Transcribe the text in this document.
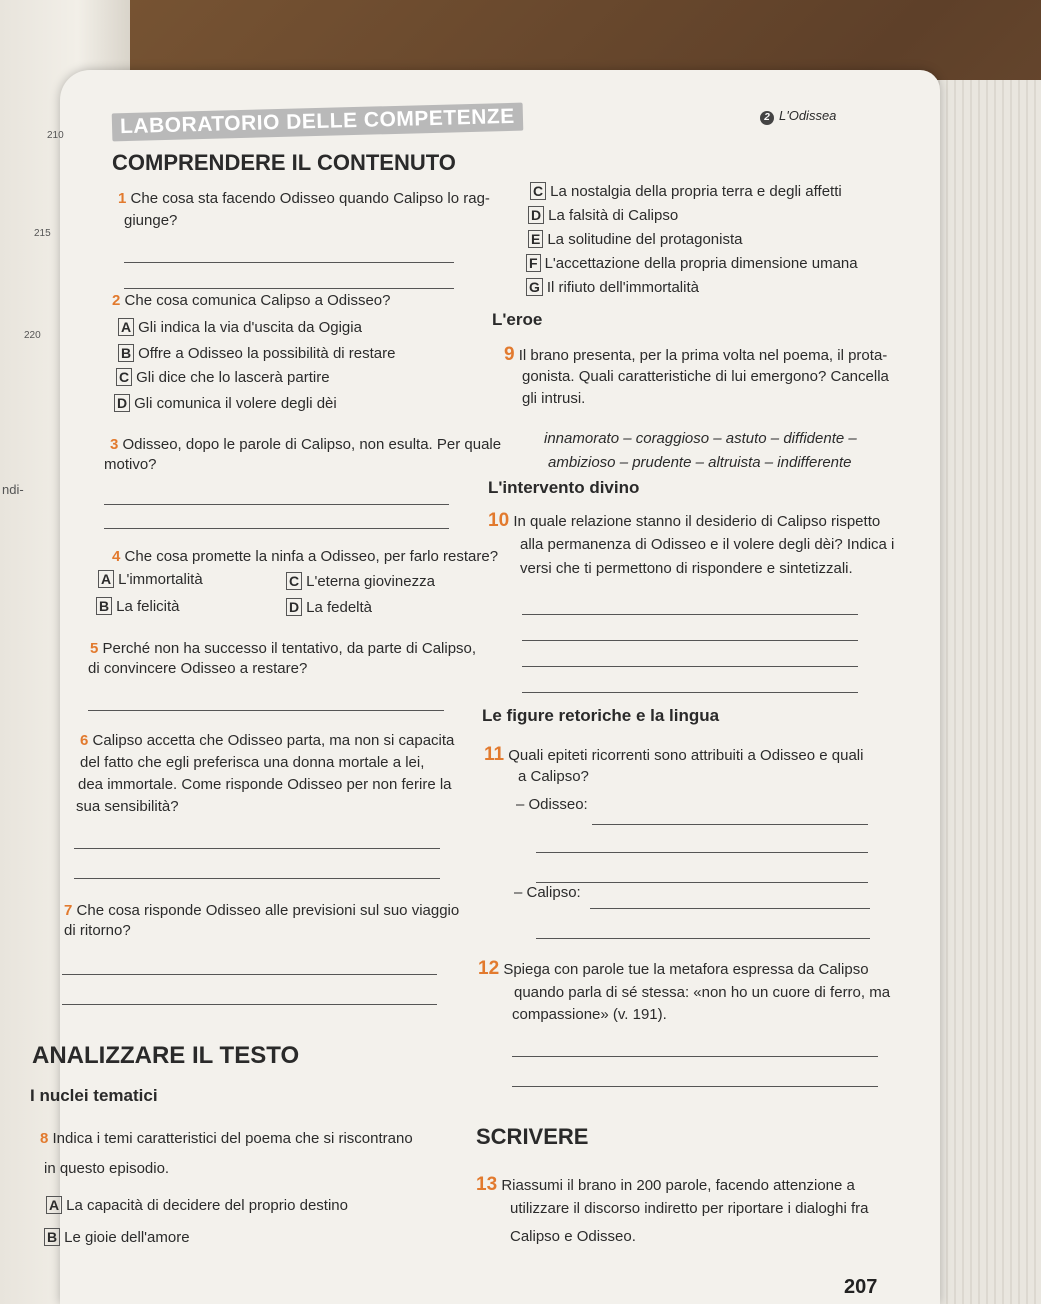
210
215
220
ndi-
2 L'Odissea
LABORATORIO DELLE COMPETENZE
COMPRENDERE IL CONTENUTO
1 Che cosa sta facendo Odisseo quando Calipso lo rag-
giunge?
2 Che cosa comunica Calipso a Odisseo?
A Gli indica la via d'uscita da Ogigia
B Offre a Odisseo la possibilità di restare
C Gli dice che lo lascerà partire
D Gli comunica il volere degli dèi
3 Odisseo, dopo le parole di Calipso, non esulta. Per quale
motivo?
4 Che cosa promette la ninfa a Odisseo, per farlo restare?
A L'immortalità	C L'eterna giovinezza
B La felicità	D La fedeltà
5 Perché non ha successo il tentativo, da parte di Calipso,
di convincere Odisseo a restare?
6 Calipso accetta che Odisseo parta, ma non si capacita
del fatto che egli preferisca una donna mortale a lei,
dea immortale. Come risponde Odisseo per non ferire la
sua sensibilità?
7 Che cosa risponde Odisseo alle previsioni sul suo viaggio
di ritorno?
ANALIZZARE IL TESTO
I nuclei tematici
8 Indica i temi caratteristici del poema che si riscontrano
in questo episodio.
A La capacità di decidere del proprio destino
B Le gioie dell'amore
C La nostalgia della propria terra e degli affetti
D La falsità di Calipso
E La solitudine del protagonista
F L'accettazione della propria dimensione umana
G Il rifiuto dell'immortalità
L'eroe
9 Il brano presenta, per la prima volta nel poema, il prota-
gonista. Quali caratteristiche di lui emergono? Cancella
gli intrusi.
innamorato – coraggioso – astuto – diffidente –
ambizioso – prudente – altruista – indifferente
L'intervento divino
10 In quale relazione stanno il desiderio di Calipso rispetto
alla permanenza di Odisseo e il volere degli dèi? Indica i
versi che ti permettono di rispondere e sintetizzali.
Le figure retoriche e la lingua
11 Quali epiteti ricorrenti sono attribuiti a Odisseo e quali
a Calipso?
– Odisseo:
– Calipso:
12 Spiega con parole tue la metafora espressa da Calipso
quando parla di sé stessa: «non ho un cuore di ferro, ma
compassione» (v. 191).
SCRIVERE
13 Riassumi il brano in 200 parole, facendo attenzione a
utilizzare il discorso indiretto per riportare i dialoghi fra
Calipso e Odisseo.
207
